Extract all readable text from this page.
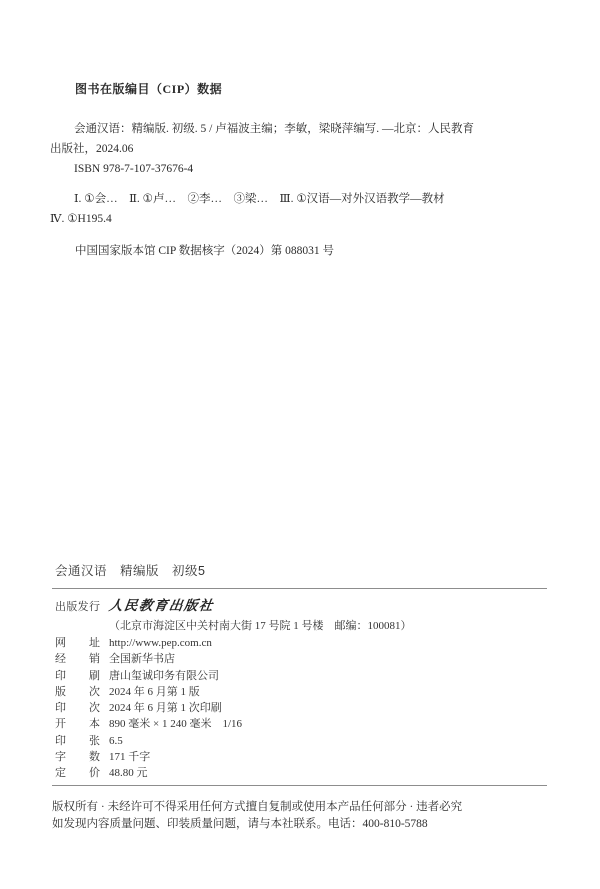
图书在版编目（CIP）数据
会通汉语：精编版. 初级. 5 / 卢福波主编；李敏，梁晓萍编写. —北京：人民教育
出版社，2024.06
ISBN 978-7-107-37676-4
Ⅰ. ①会…　Ⅱ. ①卢…　②李…　③梁…　Ⅲ. ①汉语—对外汉语教学—教材
Ⅳ. ①H195.4
中国国家版本馆 CIP 数据核字（2024）第 088031 号
会通汉语　精编版　初级5
出版发行 人民教育出版社
（北京市海淀区中关村南大街 17 号院 1 号楼　邮编：100081）
网址 http://www.pep.com.cn
经销 全国新华书店
印刷 唐山玺诚印务有限公司
版次 2024 年 6 月第 1 版
印次 2024 年 6 月第 1 次印刷
开本 890 毫米 × 1 240 毫米　1/16
印张 6.5
字数 171 千字
定价 48.80 元
版权所有 · 未经许可不得采用任何方式擅自复制或使用本产品任何部分 · 违者必究
如发现内容质量问题、印装质量问题，请与本社联系。电话：400-810-5788
